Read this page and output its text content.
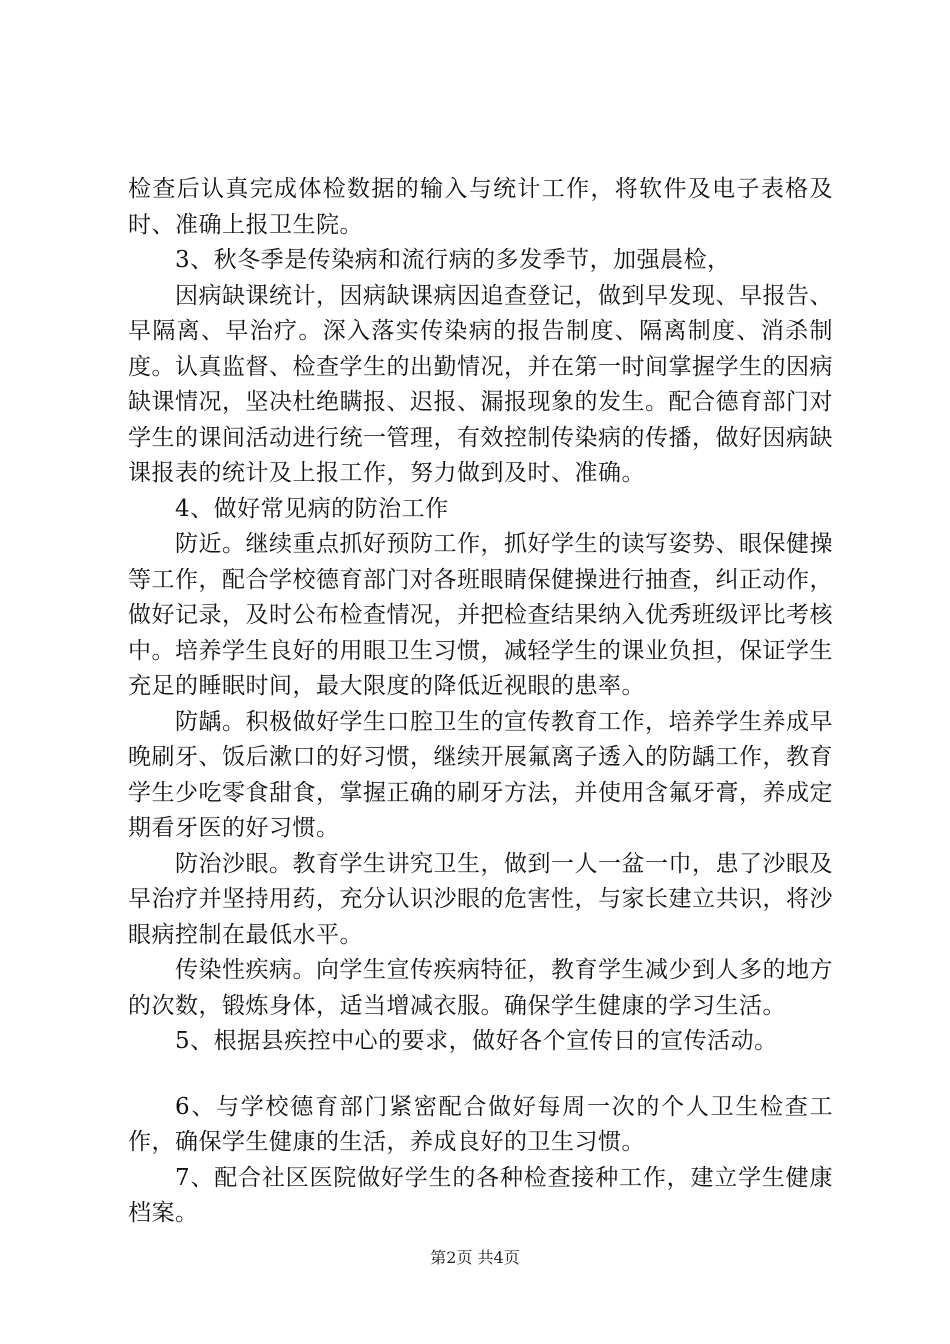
检查后认真完成体检数据的输入与统计工作，将软件及电子表格及时、准确上报卫生院。

3、秋冬季是传染病和流行病的多发季节，加强晨检，

因病缺课统计，因病缺课病因追查登记，做到早发现、早报告、早隔离、早治疗。深入落实传染病的报告制度、隔离制度、消杀制度。认真监督、检查学生的出勤情况，并在第一时间掌握学生的因病缺课情况，坚决杜绝瞒报、迟报、漏报现象的发生。配合德育部门对学生的课间活动进行统一管理，有效控制传染病的传播，做好因病缺课报表的统计及上报工作，努力做到及时、准确。

4、做好常见病的防治工作

防近。继续重点抓好预防工作，抓好学生的读写姿势、眼保健操等工作，配合学校德育部门对各班眼睛保健操进行抽查，纠正动作，做好记录，及时公布检查情况，并把检查结果纳入优秀班级评比考核中。培养学生良好的用眼卫生习惯，减轻学生的课业负担，保证学生充足的睡眠时间，最大限度的降低近视眼的患率。

防龋。积极做好学生口腔卫生的宣传教育工作，培养学生养成早晚刷牙、饭后漱口的好习惯，继续开展氟离子透入的防龋工作，教育学生少吃零食甜食，掌握正确的刷牙方法，并使用含氟牙膏，养成定期看牙医的好习惯。

防治沙眼。教育学生讲究卫生，做到一人一盆一巾，患了沙眼及早治疗并坚持用药，充分认识沙眼的危害性，与家长建立共识，将沙眼病控制在最低水平。

传染性疾病。向学生宣传疾病特征，教育学生减少到人多的地方的次数，锻炼身体，适当增减衣服。确保学生健康的学习生活。

5、根据县疾控中心的要求，做好各个宣传日的宣传活动。

6、与学校德育部门紧密配合做好每周一次的个人卫生检查工作，确保学生健康的生活，养成良好的卫生习惯。

7、配合社区医院做好学生的各种检查接种工作，建立学生健康档案。

第2页 共4页
